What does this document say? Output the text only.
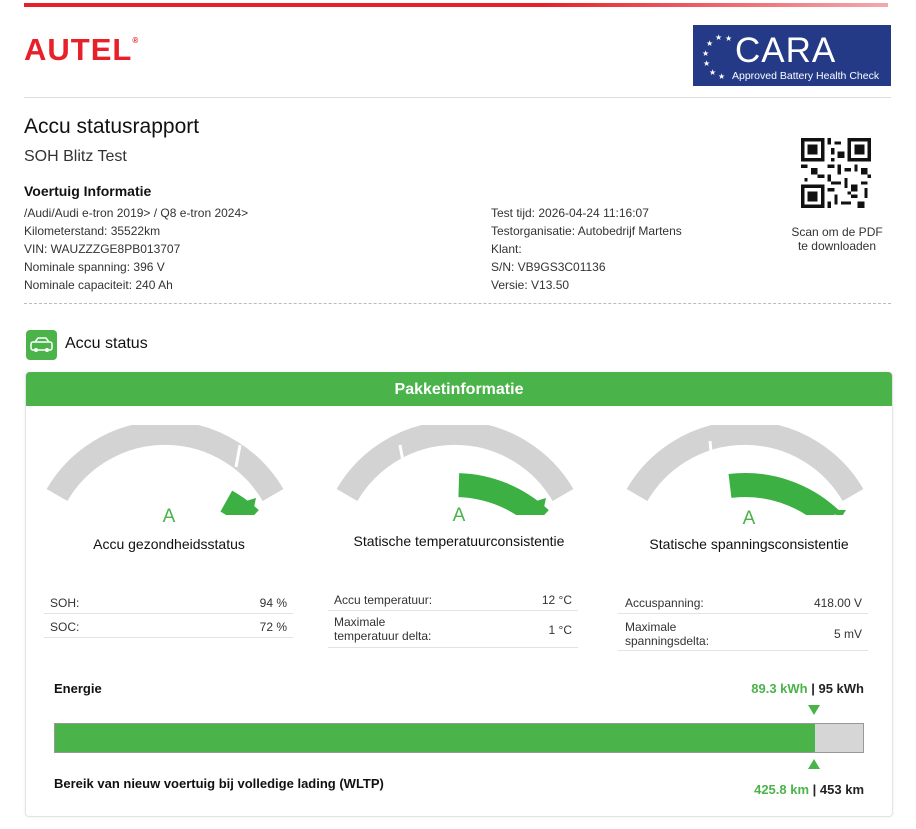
AUTEL®	★
★
★
★
★ ★
★ CARA
Approved Battery Health Check
Accu statusrapport
SOH Blitz Test
Voertuig Informatie
/Audi/Audi e-tron 2019> / Q8 e-tron 2024>
Kilometerstand: 35522km
VIN: WAUZZZGE8PB013707
Nominale spanning: 396 V
Nominale capaciteit: 240 Ah
Test tijd: 2026-04-24 11:16:07
Testorganisatie: Autobedrijf Martens
Klant:
S/N: VB9GS3C01136
Versie: V13.50
Scan om de PDF
te downloaden
Accu status
Pakketinformatie
A
Accu gezondheidsstatus
A
Statische temperatuurconsistentie
A
Statische spanningsconsistentie
SOH:	94 %
SOC:	72 %
Accu temperatuur:	12 °C
Maximale
temperatuur delta:	1 °C
Accuspanning:	418.00 V
Maximale
spanningsdelta:	5 mV
Energie	89.3 kWh | 95 kWh
Bereik van nieuw voertuig bij volledige lading (WLTP)	425.8 km | 453 km
